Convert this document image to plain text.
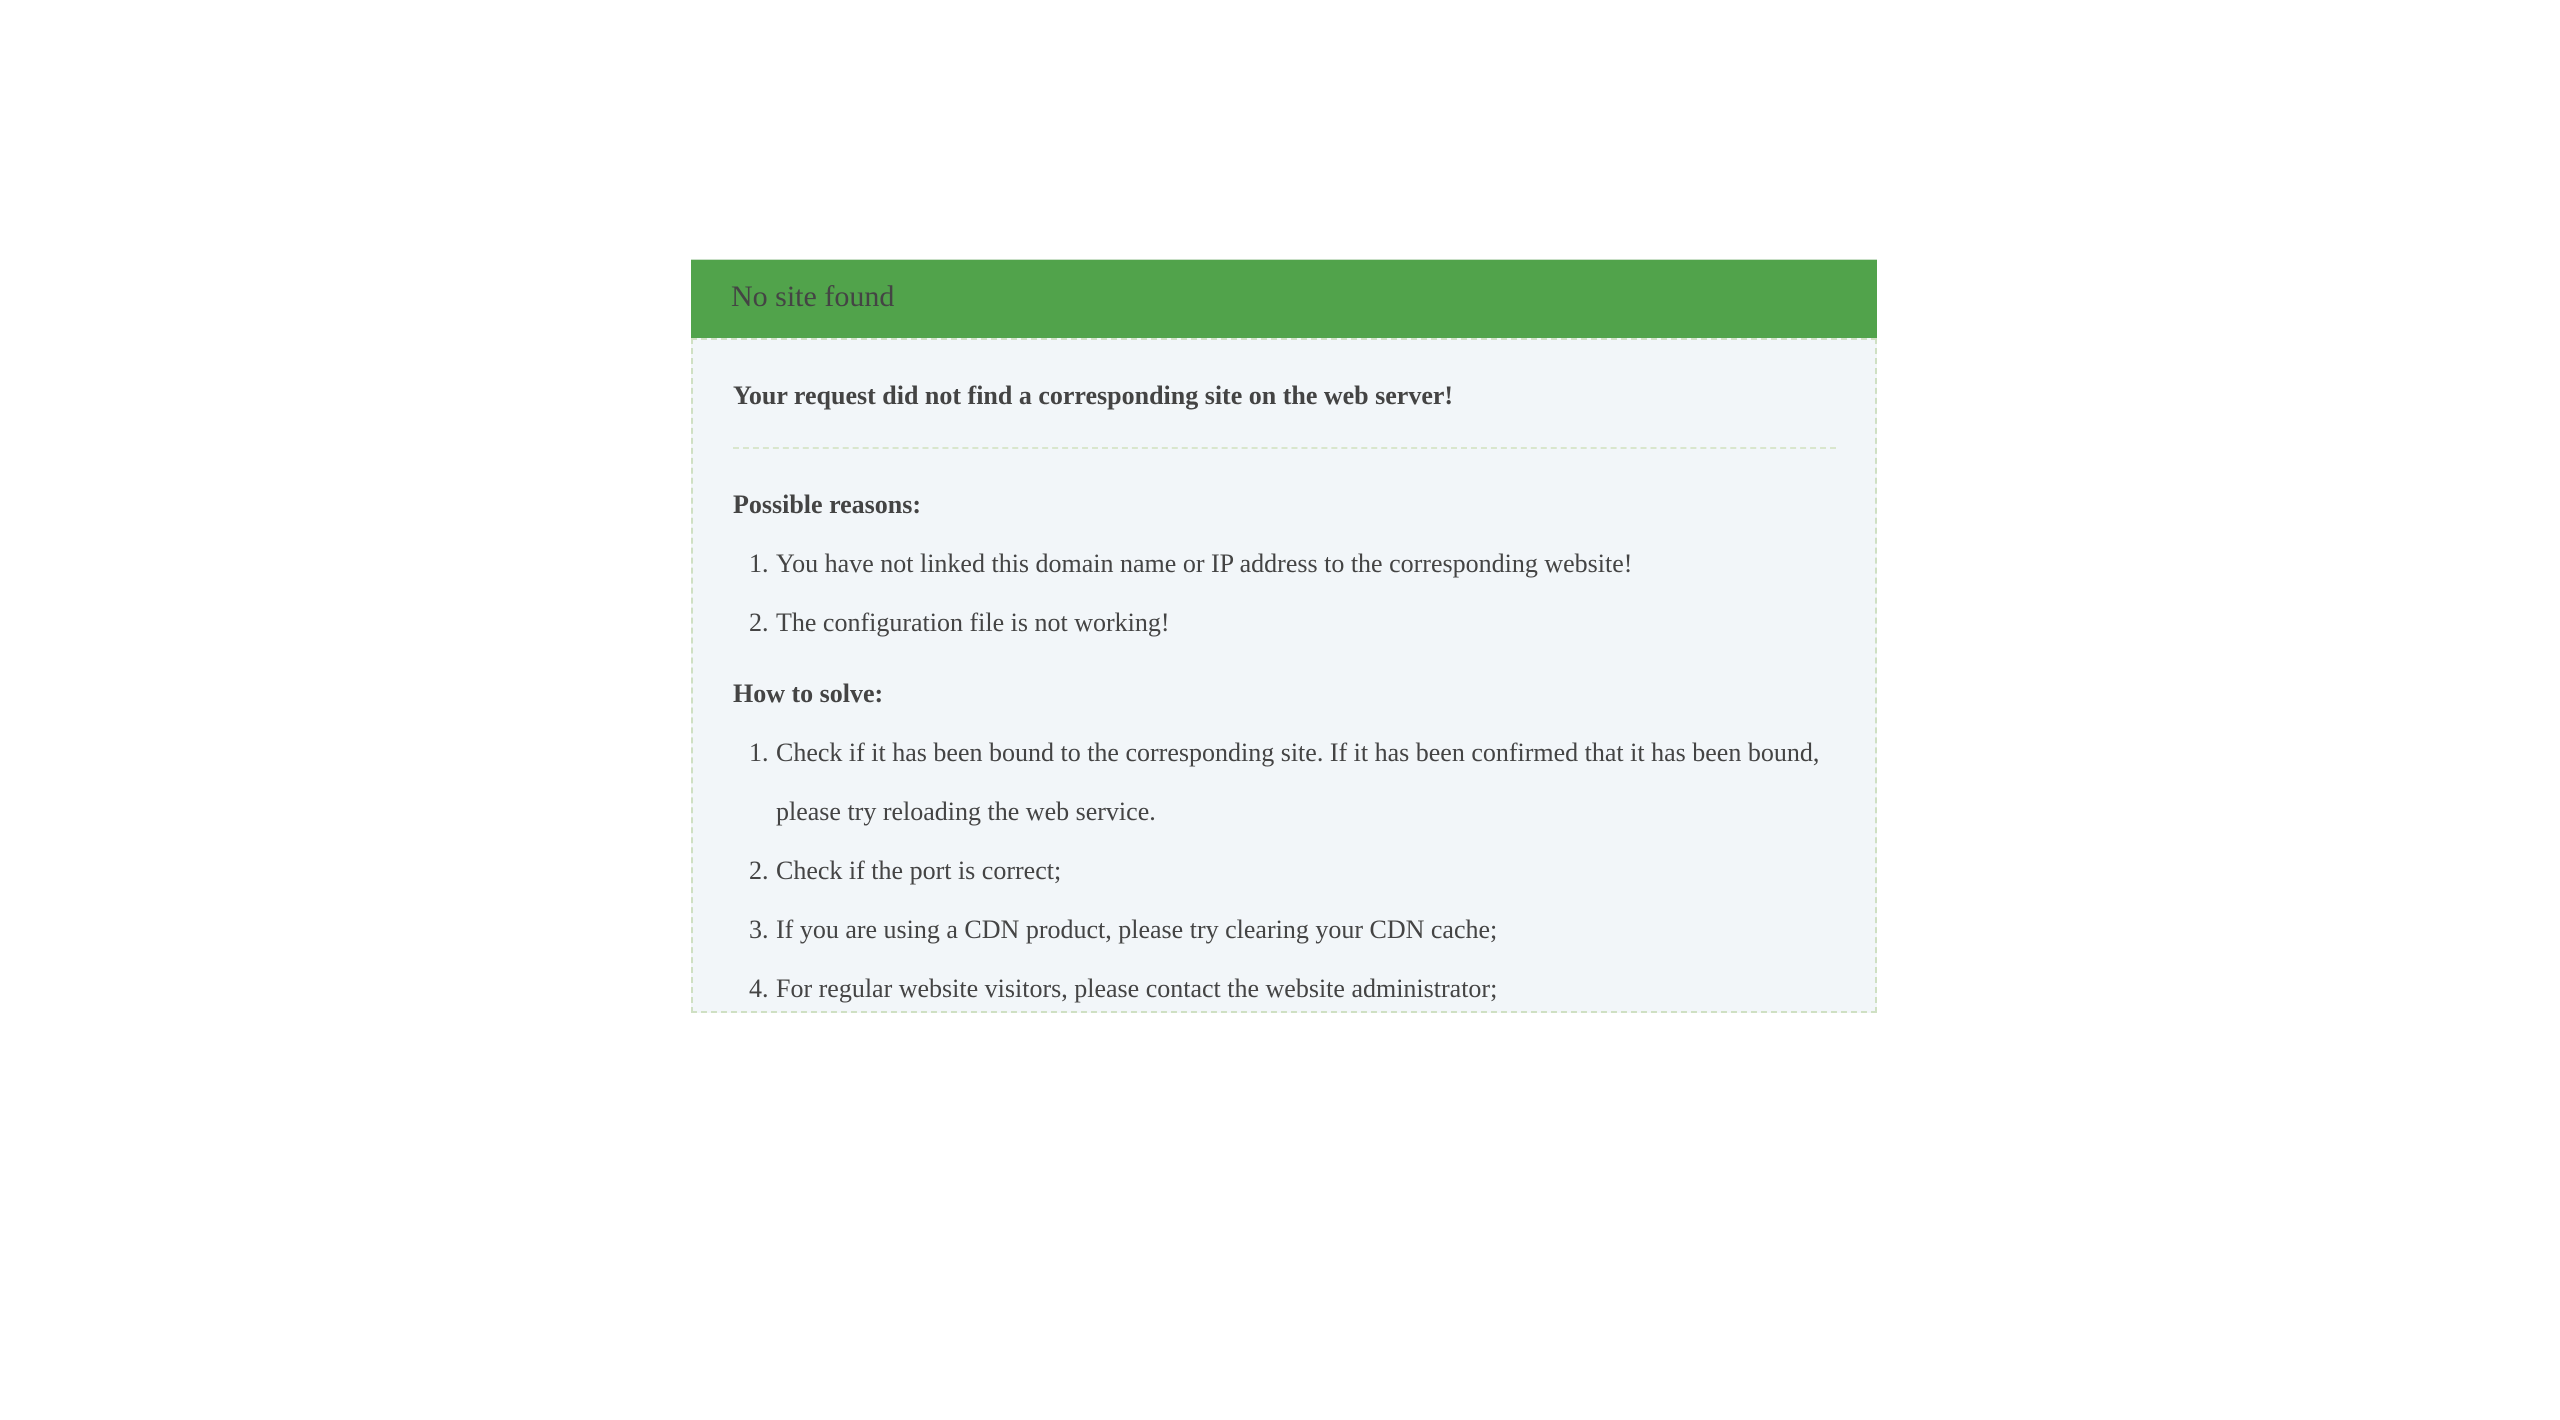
No site found

Your request did not find a corresponding site on the web server!

Possible reasons:

1. You have not linked this domain name or IP address to the corresponding website!
2. The configuration file is not working!

How to solve:

1. Check if it has been bound to the corresponding site. If it has been confirmed that it has been bound, please try reloading the web service.
2. Check if the port is correct;
3. If you are using a CDN product, please try clearing your CDN cache;
4. For regular website visitors, please contact the website administrator;
